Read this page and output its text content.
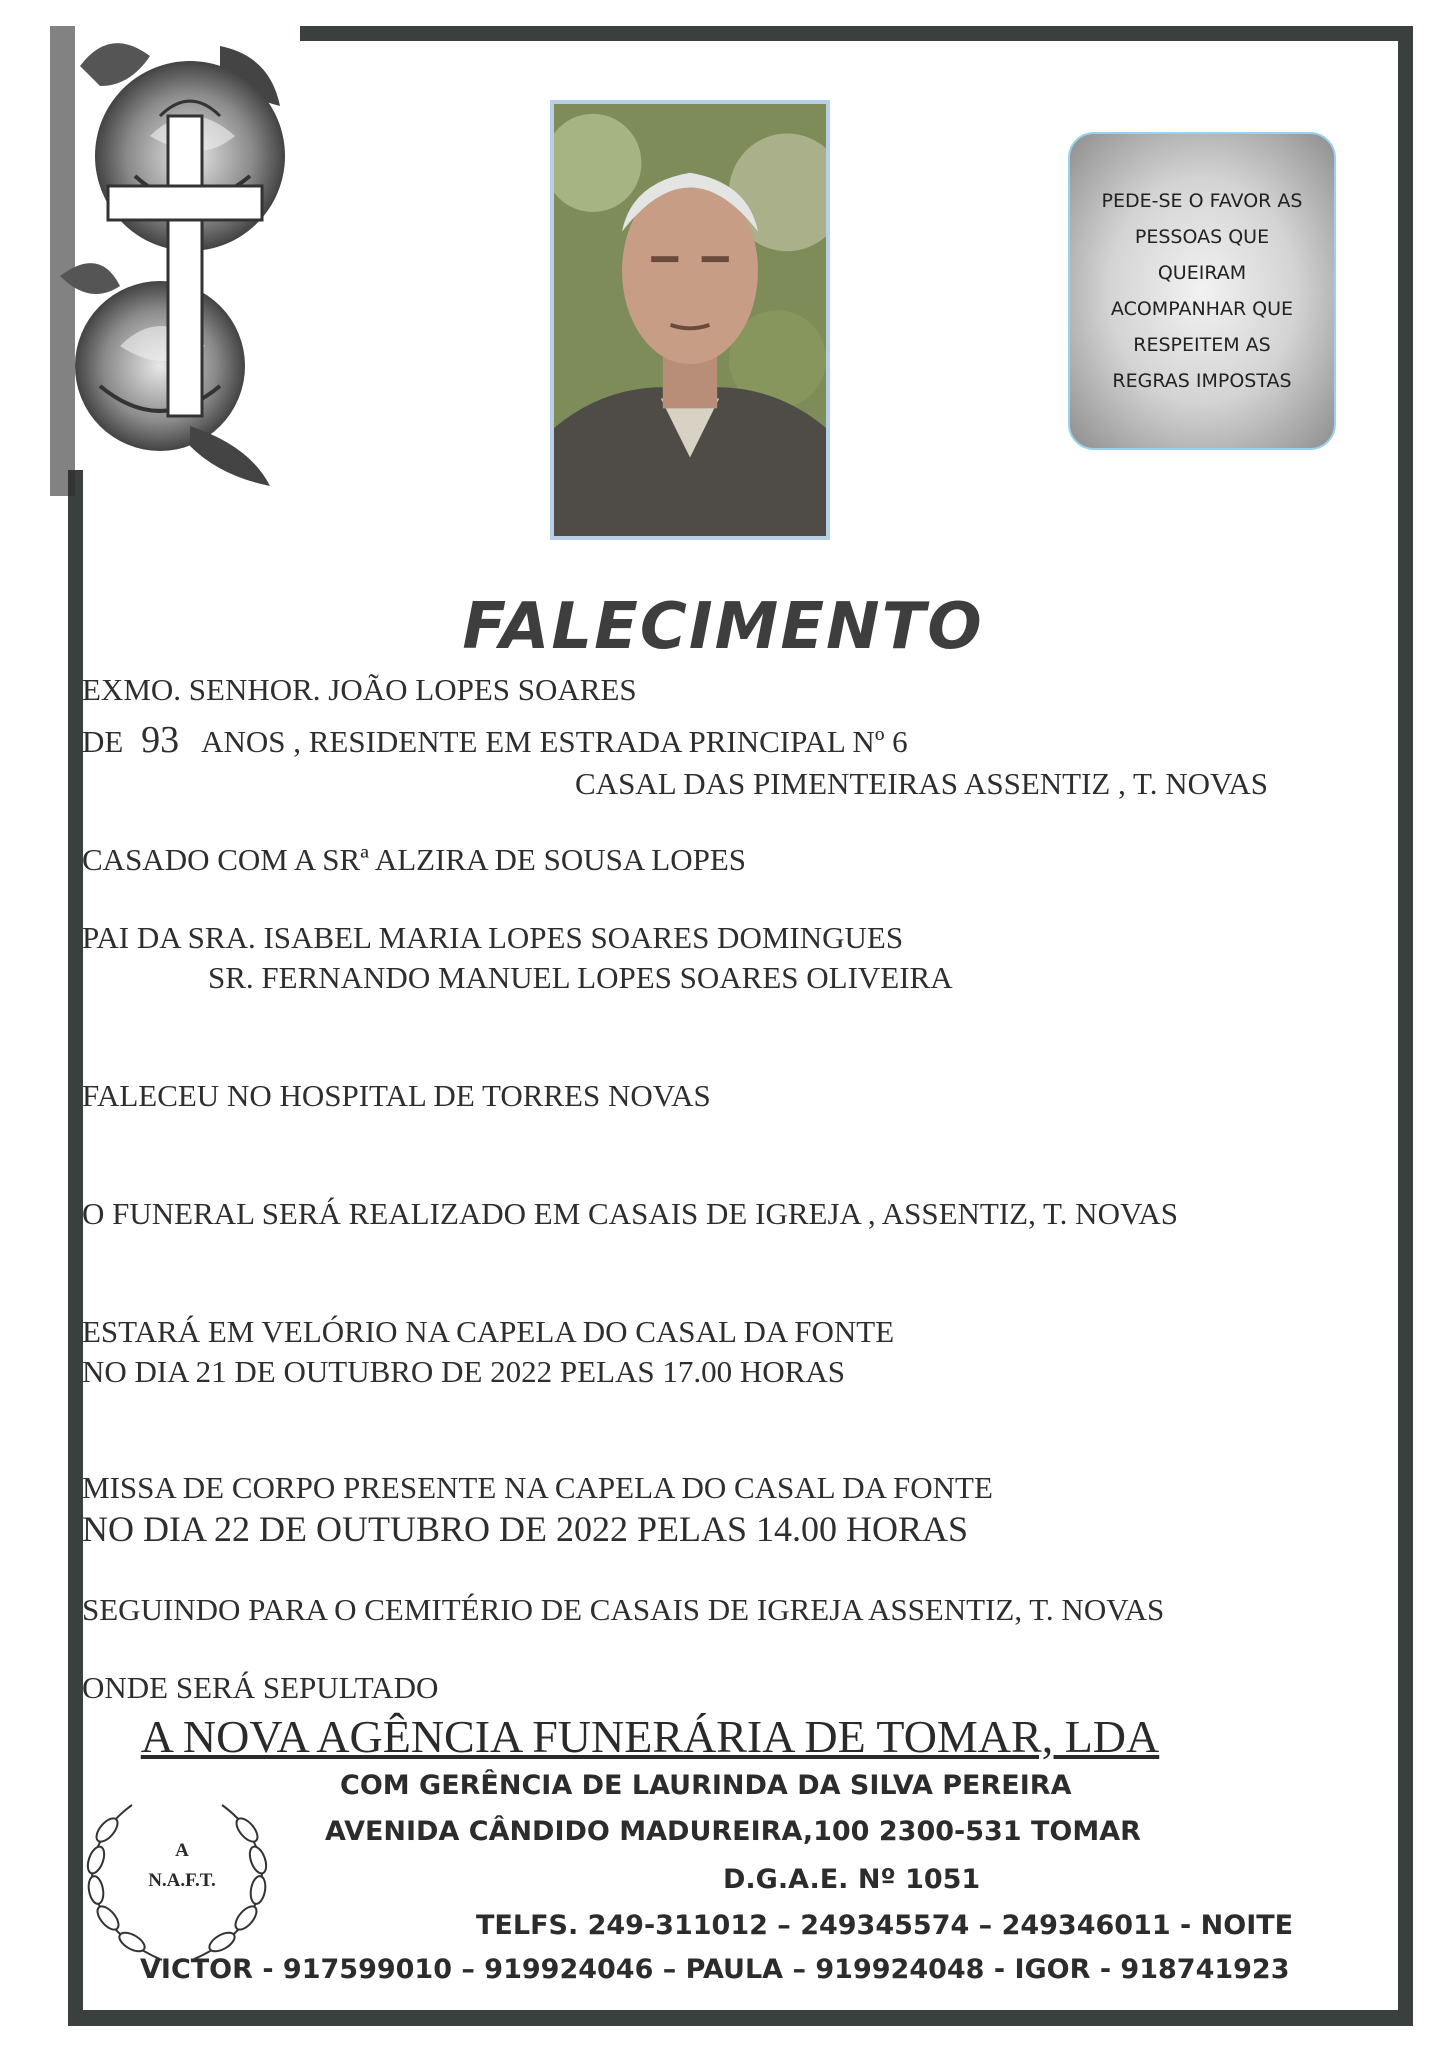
PEDE-SE O FAVOR AS
PESSOAS QUE
QUEIRAM
ACOMPANHAR QUE
RESPEITEM AS
REGRAS IMPOSTAS
FALECIMENTO
EXMO. SENHOR. JOÃO LOPES SOARES
DE 93 ANOS , RESIDENTE EM ESTRADA PRINCIPAL Nº 6
CASAL DAS PIMENTEIRAS ASSENTIZ , T. NOVAS
CASADO COM A SRª ALZIRA DE SOUSA LOPES
PAI DA SRA. ISABEL MARIA LOPES SOARES DOMINGUES
SR. FERNANDO MANUEL LOPES SOARES OLIVEIRA
FALECEU NO HOSPITAL DE TORRES NOVAS
O FUNERAL SERÁ REALIZADO EM CASAIS DE IGREJA , ASSENTIZ, T. NOVAS
ESTARÁ EM VELÓRIO NA CAPELA DO CASAL DA FONTE
NO DIA 21 DE OUTUBRO DE 2022 PELAS 17.00 HORAS
MISSA DE CORPO PRESENTE NA CAPELA DO CASAL DA FONTE
NO DIA 22 DE OUTUBRO DE 2022 PELAS 14.00 HORAS
SEGUINDO PARA O CEMITÉRIO DE CASAIS DE IGREJA ASSENTIZ, T. NOVAS
ONDE SERÁ SEPULTADO
A NOVA AGÊNCIA FUNERÁRIA DE TOMAR, LDA
COM GERÊNCIA DE LAURINDA DA SILVA PEREIRA
AVENIDA CÂNDIDO MADUREIRA,100 2300-531 TOMAR
D.G.A.E. Nº 1051
TELFS. 249-311012 – 249345574 – 249346011 - NOITE
VICTOR - 917599010 – 919924046 – PAULA – 919924048 - IGOR - 918741923
A
N.A.F.T.
